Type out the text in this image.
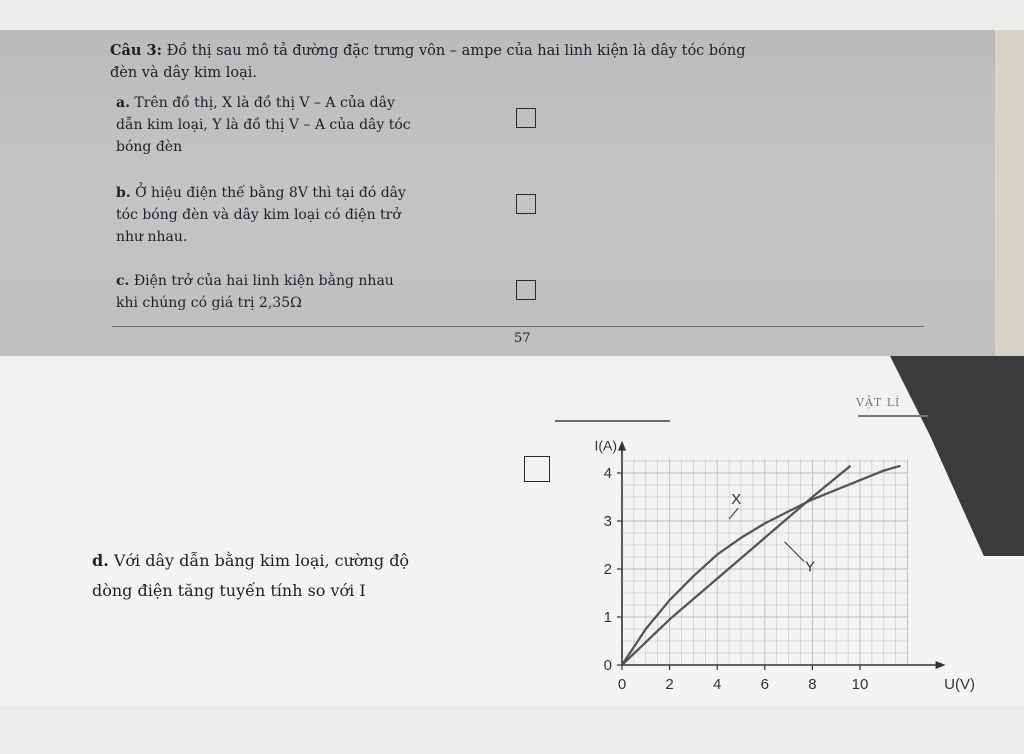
Câu 3: Đồ thị sau mô tả đường đặc trưng vôn – ampe của hai linh kiện là dây tóc bóng
đèn và dây kim loại.
a. Trên đồ thị, X là đồ thị V – A của dây
dẫn kim loại, Y là đồ thị V – A của dây tóc
bóng đèn
b. Ở hiệu điện thế bằng 8V thì tại đó dây
tóc bóng đèn và dây kim loại có điện trở
như nhau.
c. Điện trở của hai linh kiện bằng nhau
khi chúng có giá trị 2,35Ω
57
VẬT LÍ
d. Với dây dẫn bằng kim loại, cường độ
dòng điện tăng tuyến tính so với I
0	2	4	6	8 10
0
1
2
3
4
U(V)
I(A)
X
Y
